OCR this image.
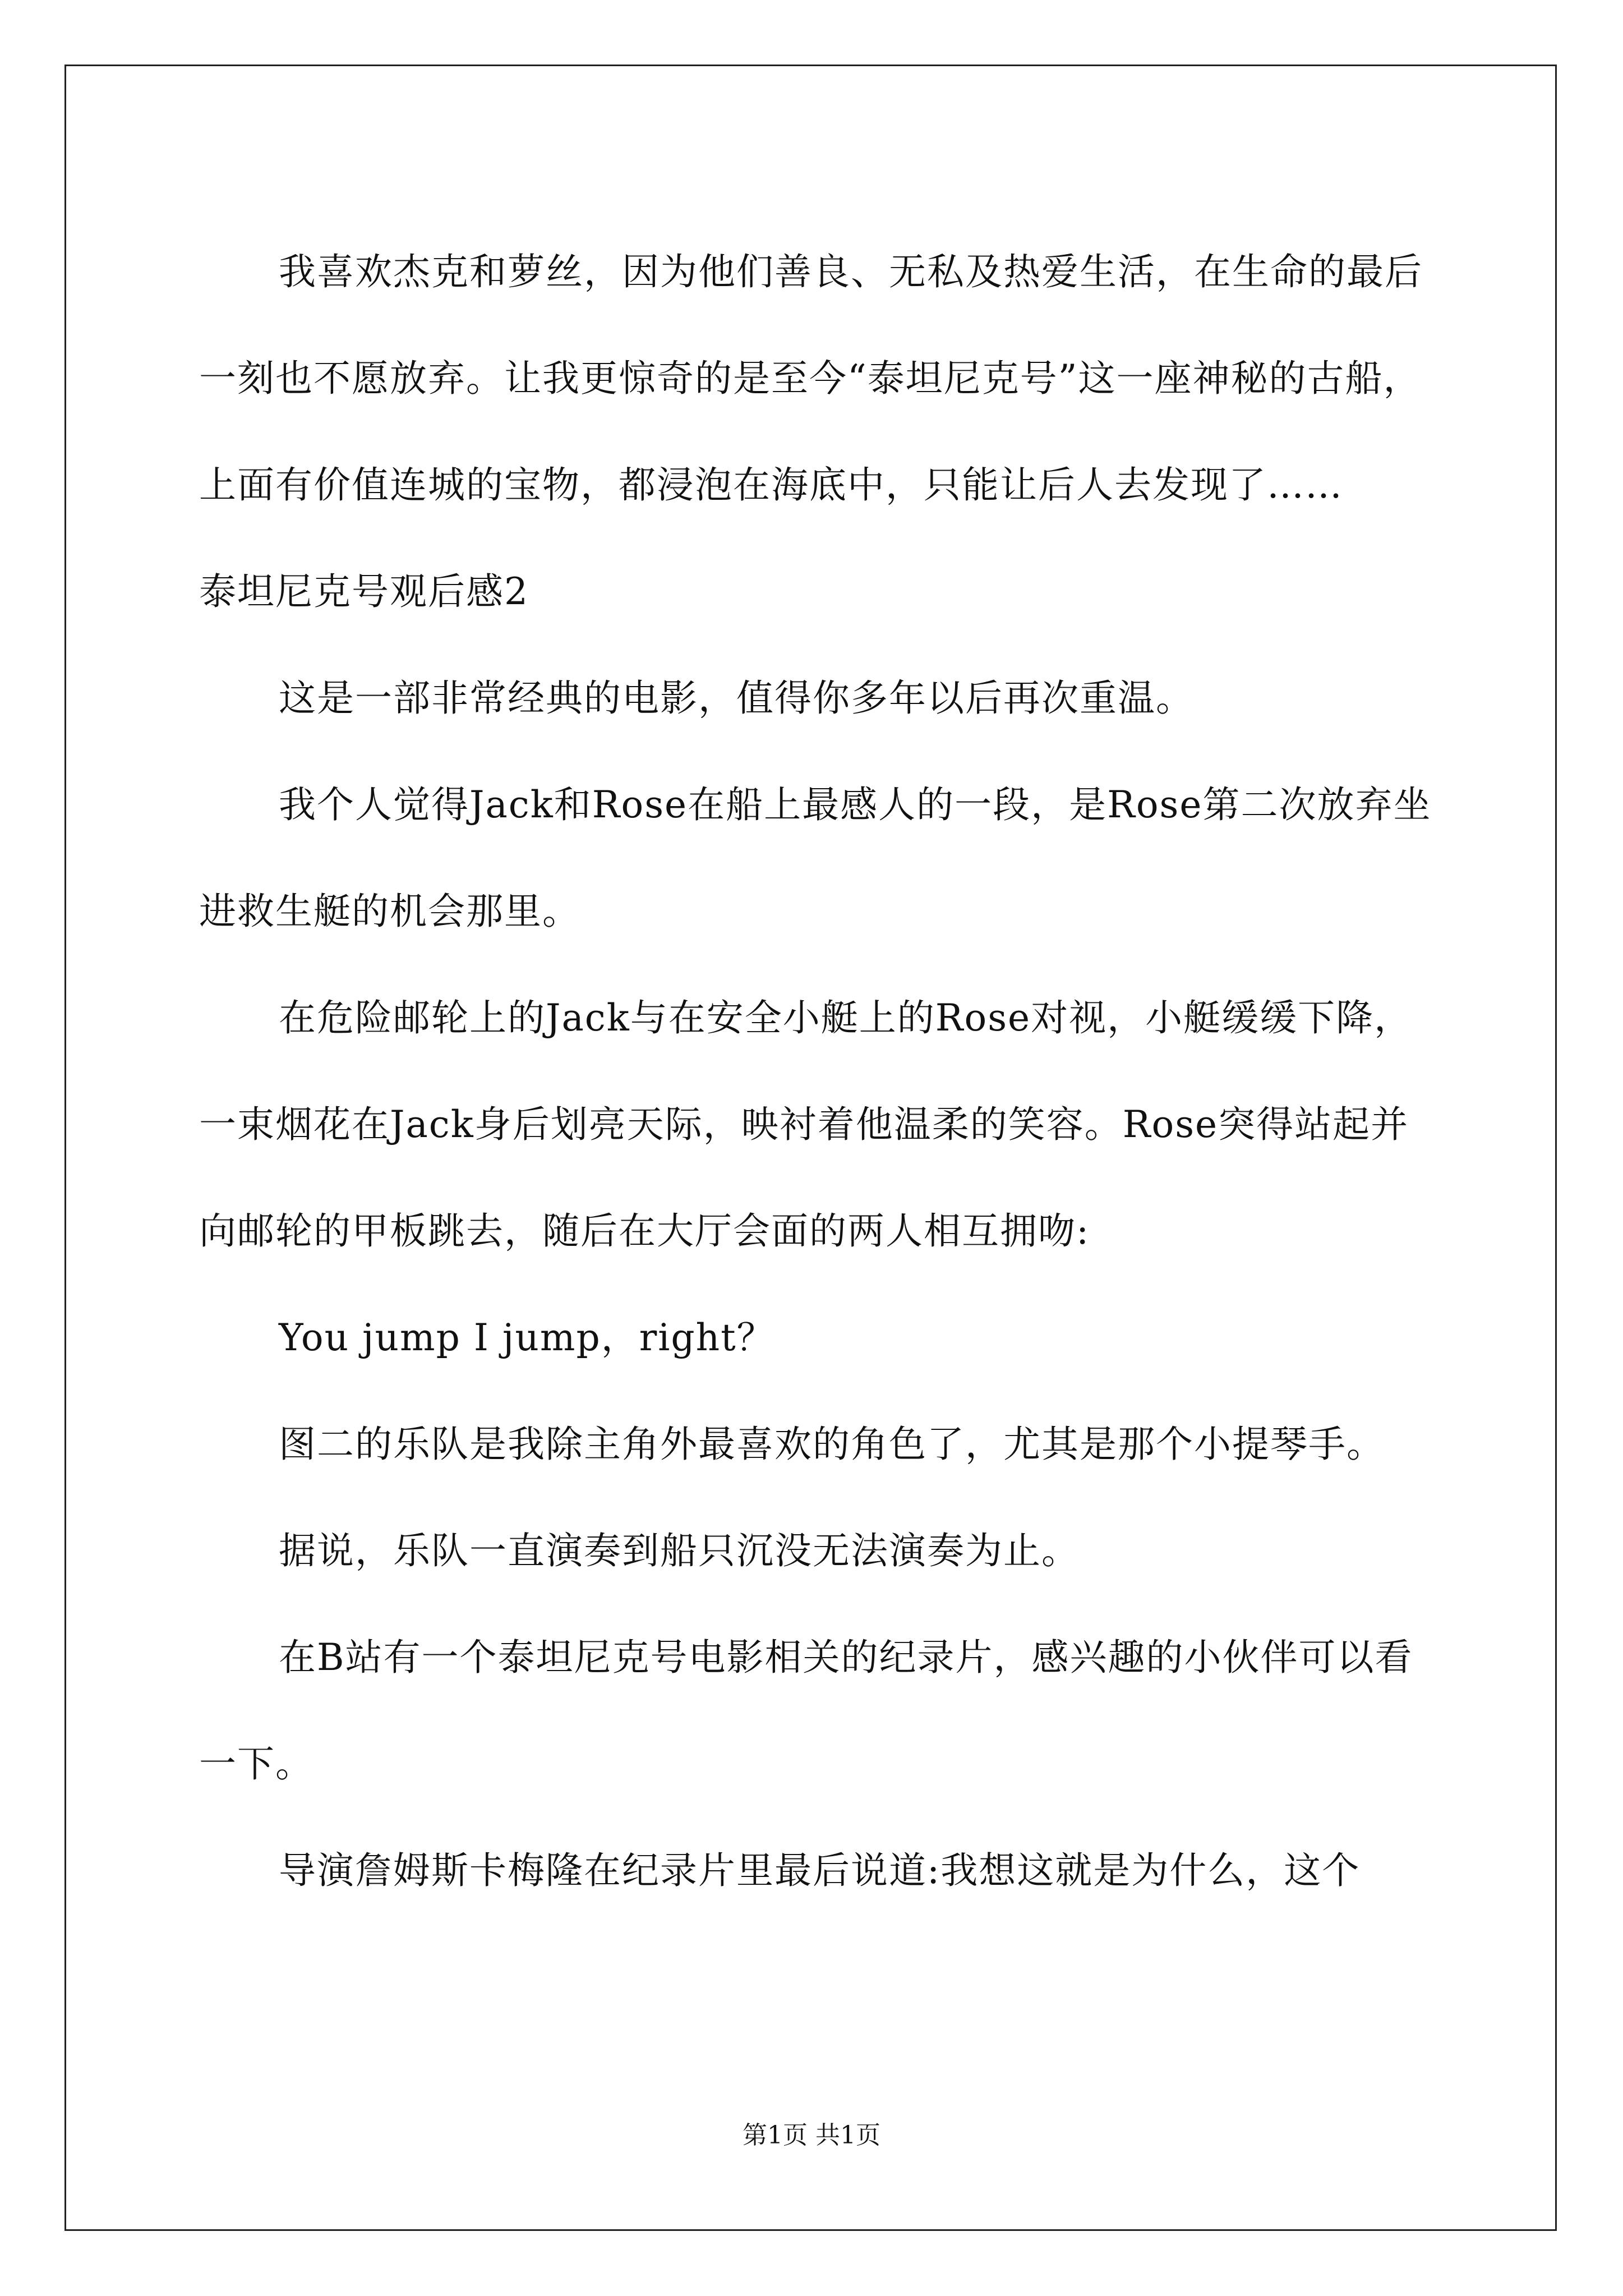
我喜欢杰克和萝丝，因为他们善良、无私及热爱生活，在生命的最后一刻也不愿放弃。让我更惊奇的是至今“泰坦尼克号”这一座神秘的古船，上面有价值连城的宝物，都浸泡在海底中，只能让后人去发现了……

泰坦尼克号观后感2

这是一部非常经典的电影，值得你多年以后再次重温。

我个人觉得Jack和Rose在船上最感人的一段，是Rose第二次放弃坐进救生艇的机会那里。

在危险邮轮上的Jack与在安全小艇上的Rose对视，小艇缓缓下降，一束烟花在Jack身后划亮天际，映衬着他温柔的笑容。Rose突得站起并向邮轮的甲板跳去，随后在大厅会面的两人相互拥吻:

You jump I jump，right？

图二的乐队是我除主角外最喜欢的角色了，尤其是那个小提琴手。

据说，乐队一直演奏到船只沉没无法演奏为止。

在B站有一个泰坦尼克号电影相关的纪录片，感兴趣的小伙伴可以看一下。

导演詹姆斯卡梅隆在纪录片里最后说道:我想这就是为什么，这个

第1页 共1页
